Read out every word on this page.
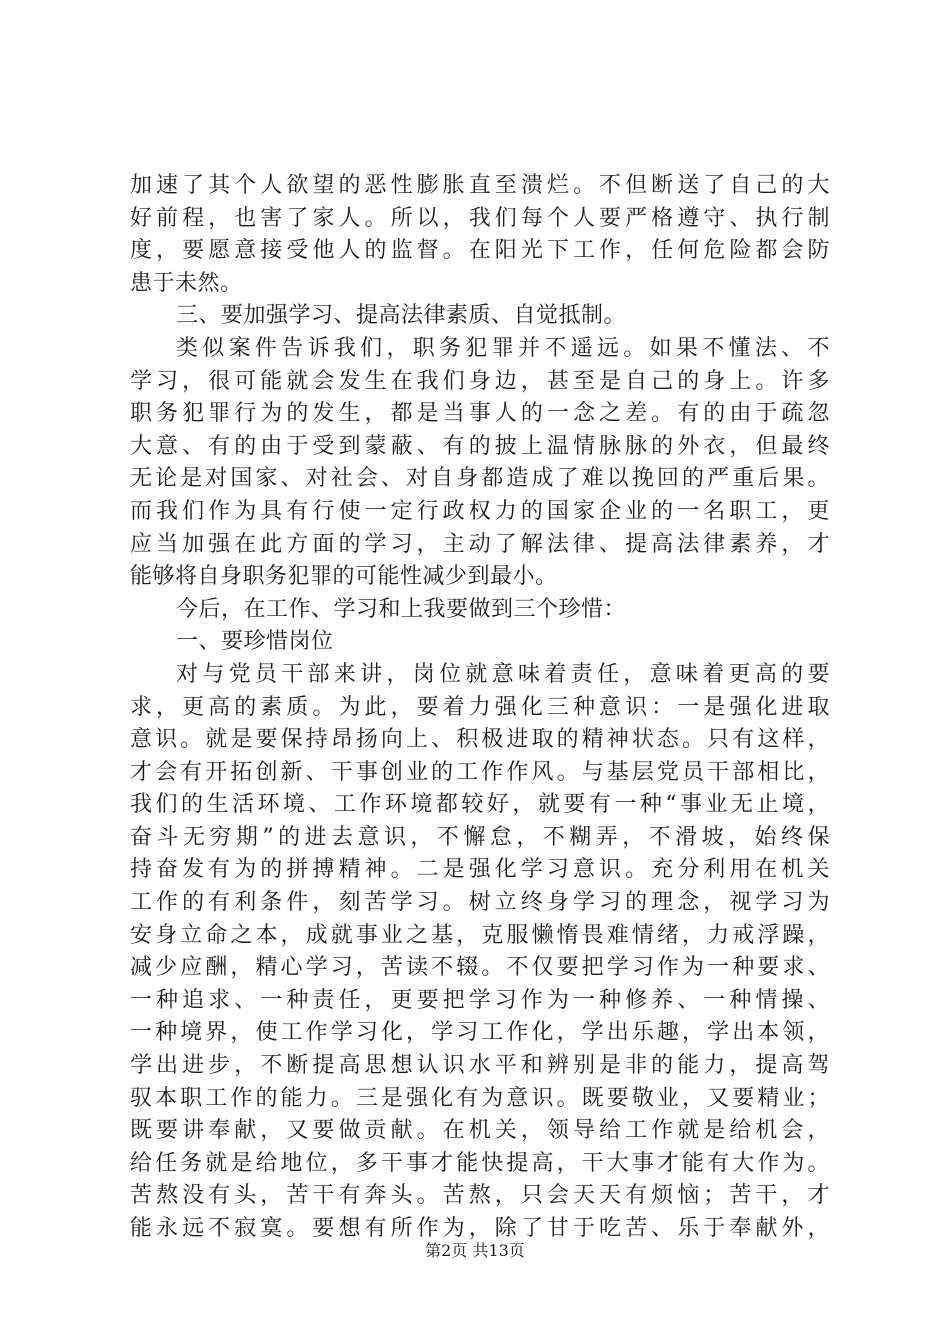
加速了其个人欲望的恶性膨胀直至溃烂。不但断送了自己的大
好前程，也害了家人。所以，我们每个人要严格遵守、执行制
度，要愿意接受他人的监督。在阳光下工作，任何危险都会防
患于未然。
三、要加强学习、提高法律素质、自觉抵制。
类似案件告诉我们，职务犯罪并不遥远。如果不懂法、不
学习，很可能就会发生在我们身边，甚至是自己的身上。许多
职务犯罪行为的发生，都是当事人的一念之差。有的由于疏忽
大意、有的由于受到蒙蔽、有的披上温情脉脉的外衣，但最终
无论是对国家、对社会、对自身都造成了难以挽回的严重后果。
而我们作为具有行使一定行政权力的国家企业的一名职工，更
应当加强在此方面的学习，主动了解法律、提高法律素养，才
能够将自身职务犯罪的可能性减少到最小。
今后，在工作、学习和上我要做到三个珍惜：
一、要珍惜岗位
对与党员干部来讲，岗位就意味着责任，意味着更高的要
求，更高的素质。为此，要着力强化三种意识：一是强化进取
意识。就是要保持昂扬向上、积极进取的精神状态。只有这样，
才会有开拓创新、干事创业的工作作风。与基层党员干部相比，
我们的生活环境、工作环境都较好，就要有一种“事业无止境，
奋斗无穷期”的进去意识，不懈怠，不糊弄，不滑坡，始终保
持奋发有为的拼搏精神。二是强化学习意识。充分利用在机关
工作的有利条件，刻苦学习。树立终身学习的理念，视学习为
安身立命之本，成就事业之基，克服懒惰畏难情绪，力戒浮躁，
减少应酬，精心学习，苦读不辍。不仅要把学习作为一种要求、
一种追求、一种责任，更要把学习作为一种修养、一种情操、
一种境界，使工作学习化，学习工作化，学出乐趣，学出本领，
学出进步，不断提高思想认识水平和辨别是非的能力，提高驾
驭本职工作的能力。三是强化有为意识。既要敬业，又要精业；
既要讲奉献，又要做贡献。在机关，领导给工作就是给机会，
给任务就是给地位，多干事才能快提高，干大事才能有大作为。
苦熬没有头，苦干有奔头。苦熬，只会天天有烦恼；苦干，才
能永远不寂寞。要想有所作为，除了甘于吃苦、乐于奉献外，
第2页 共13页
